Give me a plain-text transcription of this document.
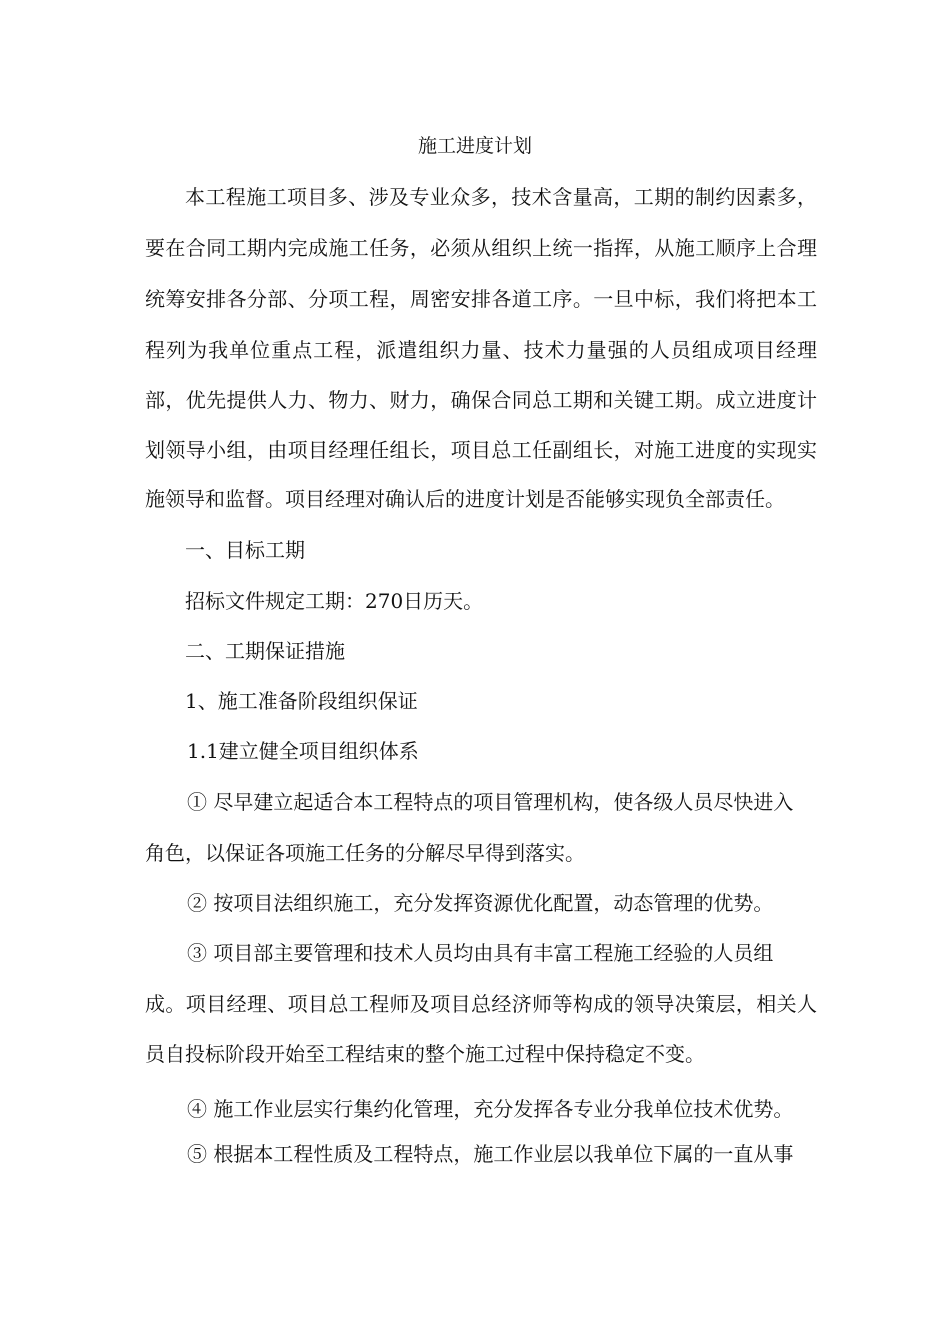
施工进度计划
本工程施工项目多、涉及专业众多，技术含量高，工期的制约因素多，
要在合同工期内完成施工任务，必须从组织上统一指挥，从施工顺序上合理
统筹安排各分部、分项工程，周密安排各道工序。一旦中标，我们将把本工
程列为我单位重点工程，派遣组织力量、技术力量强的人员组成项目经理
部，优先提供人力、物力、财力，确保合同总工期和关键工期。成立进度计
划领导小组，由项目经理任组长，项目总工任副组长，对施工进度的实现实
施领导和监督。项目经理对确认后的进度计划是否能够实现负全部责任。
一、目标工期
招标文件规定工期：270日历天。
二、工期保证措施
1、施工准备阶段组织保证
1.1建立健全项目组织体系
① 尽早建立起适合本工程特点的项目管理机构，使各级人员尽快进入
角色，以保证各项施工任务的分解尽早得到落实。
② 按项目法组织施工，充分发挥资源优化配置，动态管理的优势。
③ 项目部主要管理和技术人员均由具有丰富工程施工经验的人员组
成。项目经理、项目总工程师及项目总经济师等构成的领导决策层，相关人
员自投标阶段开始至工程结束的整个施工过程中保持稳定不变。
④ 施工作业层实行集约化管理，充分发挥各专业分我单位技术优势。
⑤ 根据本工程性质及工程特点，施工作业层以我单位下属的一直从事
